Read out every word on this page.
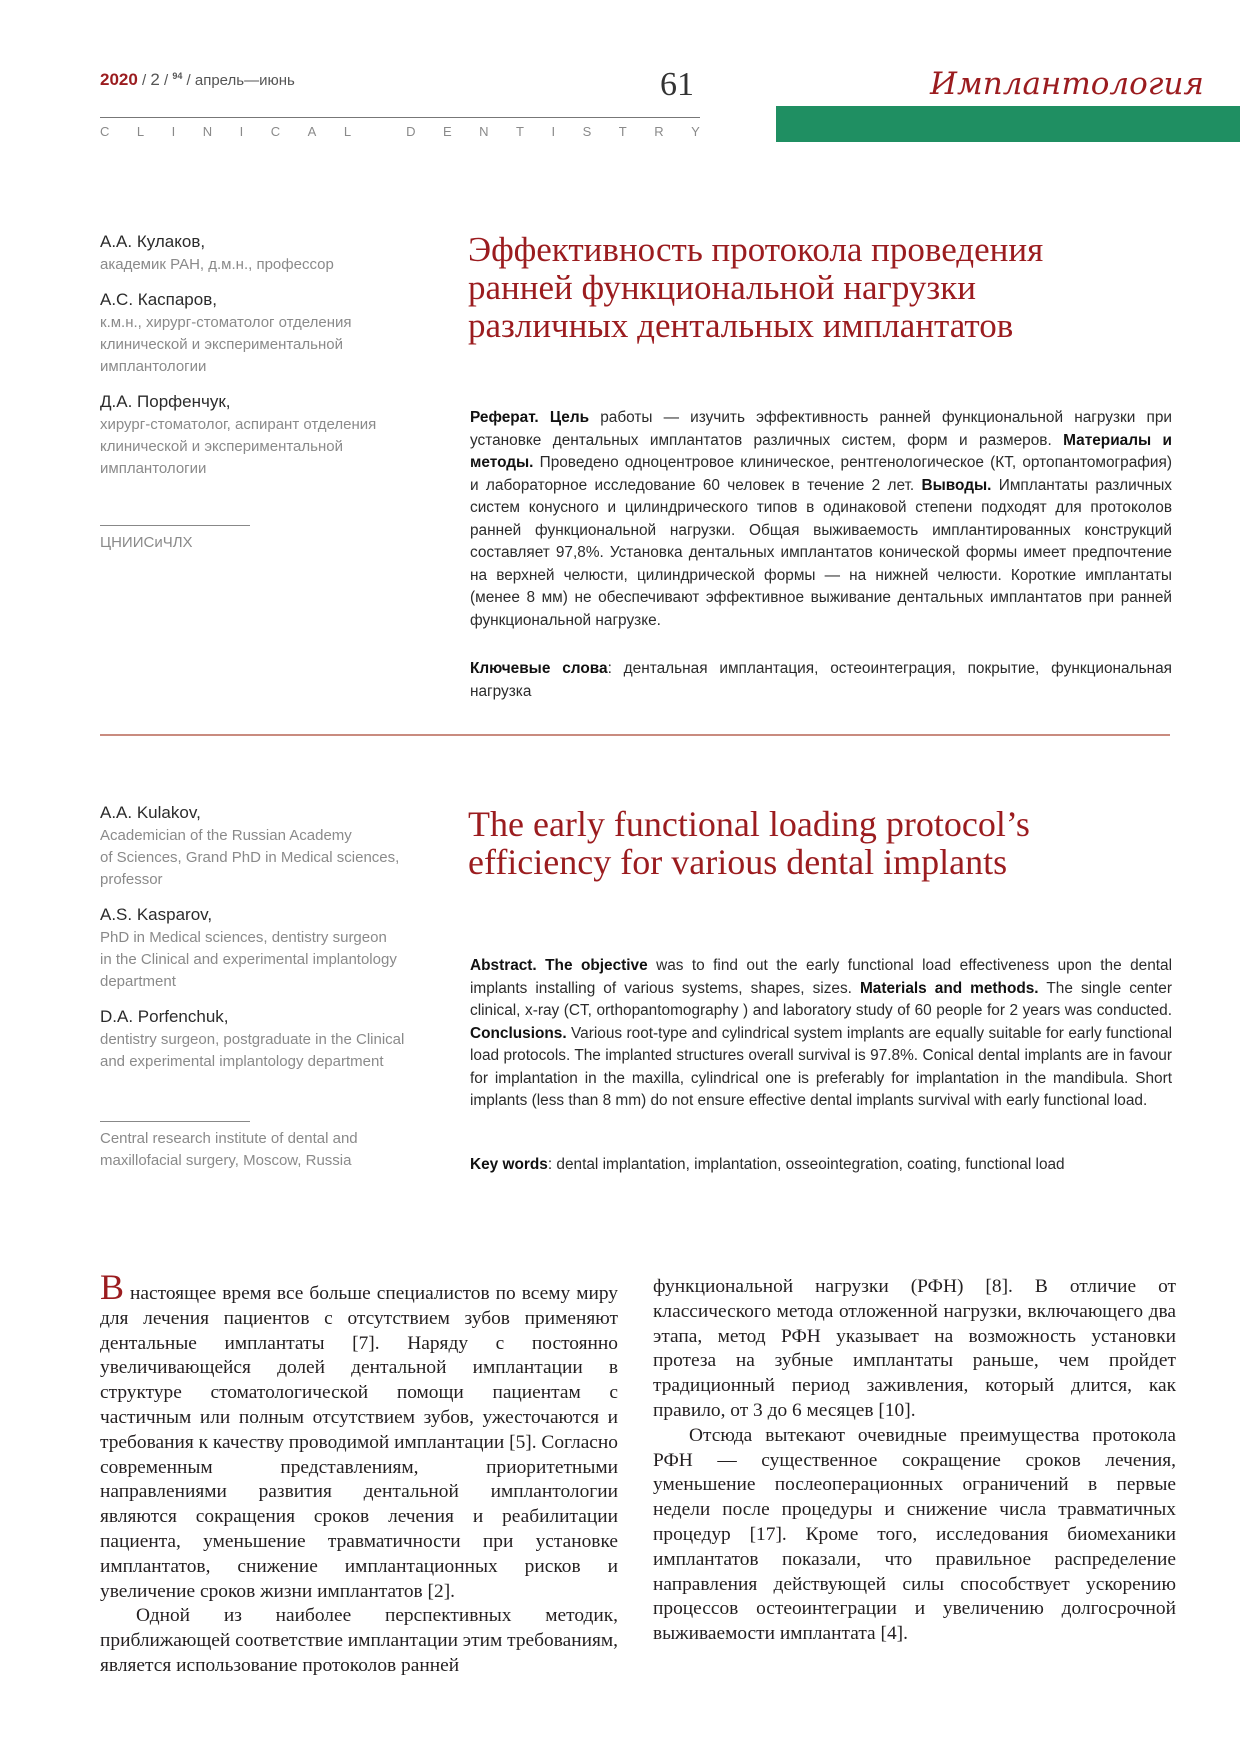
2020 / 2 / $^{94}$ / апрель—июнь
C L I N I C A L	D E N T I S T R Y
61	Имплантология
А.А. Кулаков,
академик РАН, д.м.н., профессор
А.С. Каспаров,
к.м.н., хирург-стоматолог отделения
клинической и экспериментальной
имплантологии
Д.А. Порфенчук,
хирург-стоматолог, аспирант отделения
клинической и экспериментальной
имплантологии
ЦНИИСиЧЛХ
Эффективность протокола проведения
ранней функциональной нагрузки
различных дентальных имплантатов
Реферат. Цель работы — изучить эффективность ранней функциональной нагрузки при установке дентальных имплантатов различных систем, форм и размеров. Материалы и методы. Проведено одноцентровое клиническое, рентгенологическое (КТ, ортопантомография) и лабораторное исследование 60 человек в течение 2 лет. Выводы. Имплантаты различных систем конусного и цилиндрического типов в одинаковой степени подходят для протоколов ранней функциональной нагрузки. Общая выживаемость имплантированных конструкций составляет 97,8%. Установка дентальных имплантатов конической формы имеет предпочтение на верхней челюсти, цилиндрической формы — на нижней челюсти. Короткие имплантаты (менее 8 мм) не обеспечивают эффективное выживание дентальных имплантатов при ранней функциональной нагрузке.
Ключевые слова: дентальная имплантация, остеоинтеграция, покрытие, функциональная нагрузка
A.A. Kulakov,
Academician of the Russian Academy
of Sciences, Grand PhD in Medical sciences,
professor
A.S. Kasparov,
PhD in Medical sciences, dentistry surgeon
in the Clinical and experimental implantology
department
D.A. Porfenchuk,
dentistry surgeon, postgraduate in the Clinical
and experimental implantology department
Central research institute of dental and
maxillofacial surgery, Moscow, Russia
The early functional loading protocol’s
efficiency for various dental implants
Abstract. The objective was to find out the early functional load effectiveness upon the dental implants installing of various systems, shapes, sizes. Materials and methods. The single center clinical, x-ray (CT, orthopantomography ) and laboratory study of 60 people for 2 years was conducted. Conclusions. Various root-type and cylindrical system implants are equally suitable for early functional load protocols. The implanted structures overall survival is 97.8%. Conical dental implants are in favour for implantation in the maxilla, cylindrical one is preferably for implantation in the mandibula. Short implants (less than 8 mm) do not ensure effective dental implants survival with early functional load.
Key words: dental implantation, implantation, osseointegration, coating, functional load

В настоящее время все больше специалистов по всему миру для лечения пациентов с отсутствием зубов применяют дентальные имплантаты [7]. Наряду с постоянно увеличивающейся долей дентальной имплантации в структуре стоматологической помощи пациентам с частичным или полным отсутствием зубов, ужесточаются и требования к качеству проводимой имплантации [5]. Согласно современным представлениям, приоритетными направлениями развития дентальной имплантологии являются сокращения сроков лечения и реабилитации пациента, уменьшение травматичности при установке имплантатов, снижение имплантационных рисков и увеличение сроков жизни имплантатов [2].

Одной из наиболее перспективных методик, приближающей соответствие имплантации этим требованиям, является использование протоколов ранней

функциональной нагрузки (РФН) [8]. В отличие от классического метода отложенной нагрузки, включающего два этапа, метод РФН указывает на возможность установки протеза на зубные имплантаты раньше, чем пройдет традиционный период заживления, который длится, как правило, от 3 до 6 месяцев [10].

Отсюда вытекают очевидные преимущества протокола РФН — существенное сокращение сроков лечения, уменьшение послеоперационных ограничений в первые недели после процедуры и снижение числа травматичных процедур [17]. Кроме того, исследования биомеханики имплантатов показали, что правильное распределение направления действующей силы способствует ускорению процессов остеоинтеграции и увеличению долгосрочной выживаемости имплантата [4].
